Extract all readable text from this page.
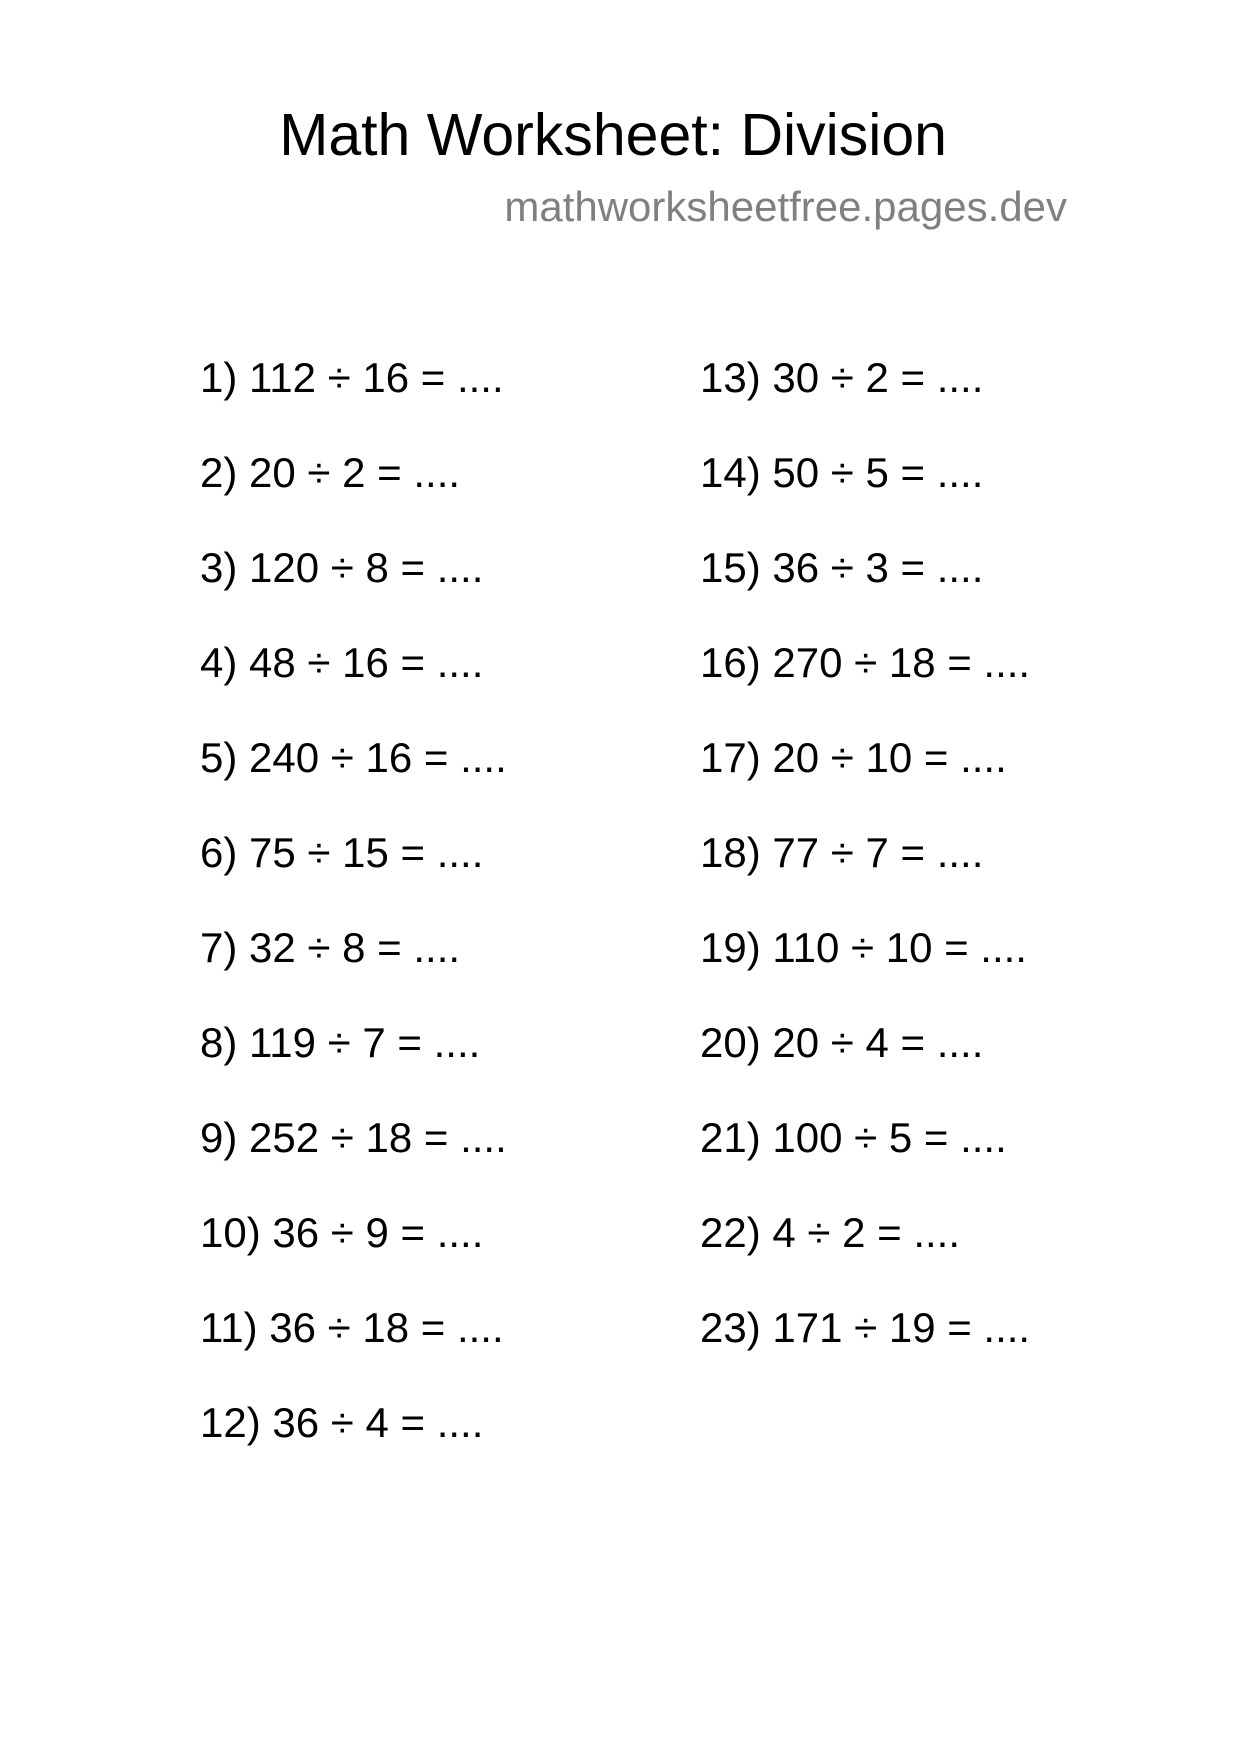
Math Worksheet: Division
mathworksheetfree.pages.dev
1) 112 ÷ 16 = ....
2) 20 ÷ 2 = ....
3) 120 ÷ 8 = ....
4) 48 ÷ 16 = ....
5) 240 ÷ 16 = ....
6) 75 ÷ 15 = ....
7) 32 ÷ 8 = ....
8) 119 ÷ 7 = ....
9) 252 ÷ 18 = ....
10) 36 ÷ 9 = ....
11) 36 ÷ 18 = ....
12) 36 ÷ 4 = ....
13) 30 ÷ 2 = ....
14) 50 ÷ 5 = ....
15) 36 ÷ 3 = ....
16) 270 ÷ 18 = ....
17) 20 ÷ 10 = ....
18) 77 ÷ 7 = ....
19) 110 ÷ 10 = ....
20) 20 ÷ 4 = ....
21) 100 ÷ 5 = ....
22) 4 ÷ 2 = ....
23) 171 ÷ 19 = ....
